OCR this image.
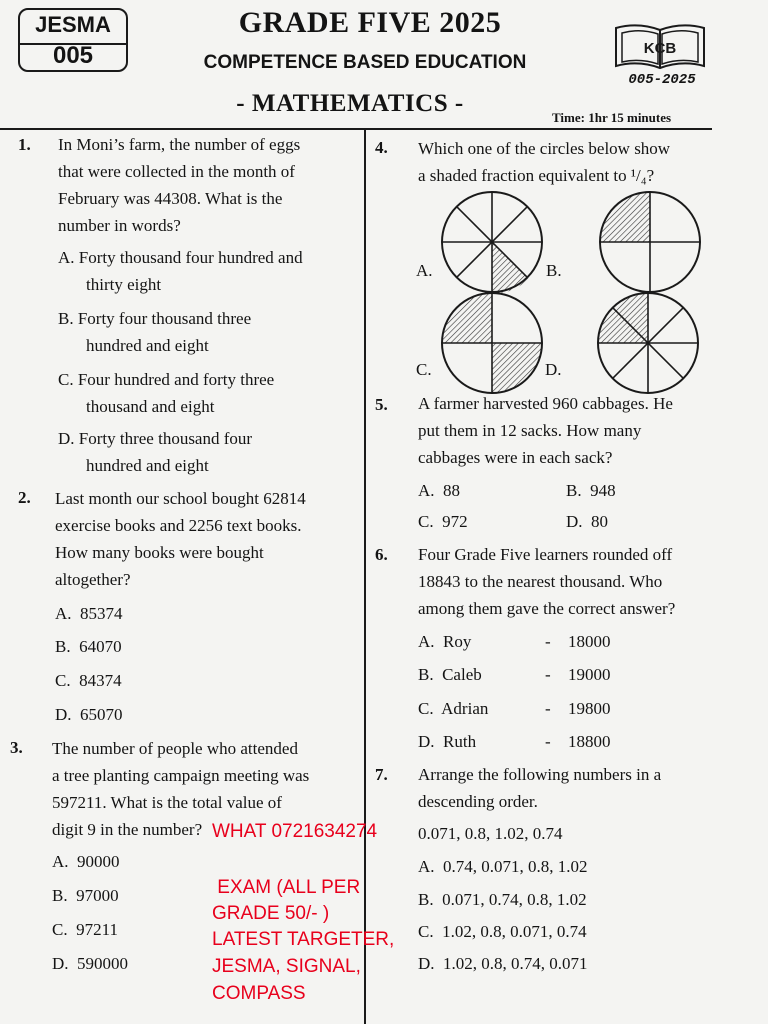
JESMA
005
GRADE FIVE 2025
COMPETENCE BASED EDUCATION
- MATHEMATICS -
Time: 1hr 15 minutes
KCB
005-2025
1. In Moni’s farm, the number of eggs
that were collected in the month of
February was 44308. What is the
number in words?
A. Forty thousand four hundred and
thirty eight
B. Forty four thousand three
hundred and eight
C. Four hundred and forty three
thousand and eight
D. Forty three thousand four
hundred and eight
2. Last month our school bought 62814
exercise books and 2256 text books.
How many books were bought
altogether?
A. 85374
B. 64070
C. 84374
D. 65070
3. The number of people who attended
a tree planting campaign meeting was
597211. What is the total value of
digit 9 in the number?
A. 90000
B. 97000
C. 97211
D. 590000
4. Which one of the circles below show
a shaded fraction equivalent to ¹/₄?
A.	B.
C.	D.
5. A farmer harvested 960 cabbages. He
put them in 12 sacks. How many
cabbages were in each sack?
A. 88	B. 948
C. 972	D. 80
6. Four Grade Five learners rounded off
18843 to the nearest thousand. Who
among them gave the correct answer?
A. Roy	- 18000
B. Caleb	- 19000
C. Adrian	- 19800
D. Ruth	- 18800
7. Arrange the following numbers in a
descending order.
0.071, 0.8, 1.02, 0.74
A. 0.74, 0.071, 0.8, 1.02
B. 0.071, 0.74, 0.8, 1.02
C. 1.02, 0.8, 0.071, 0.74
D. 1.02, 0.8, 0.74, 0.071
WHAT 0721634274
EXAM (ALL PER
GRADE 50/- )
LATEST TARGETER,
JESMA, SIGNAL,
COMPASS
